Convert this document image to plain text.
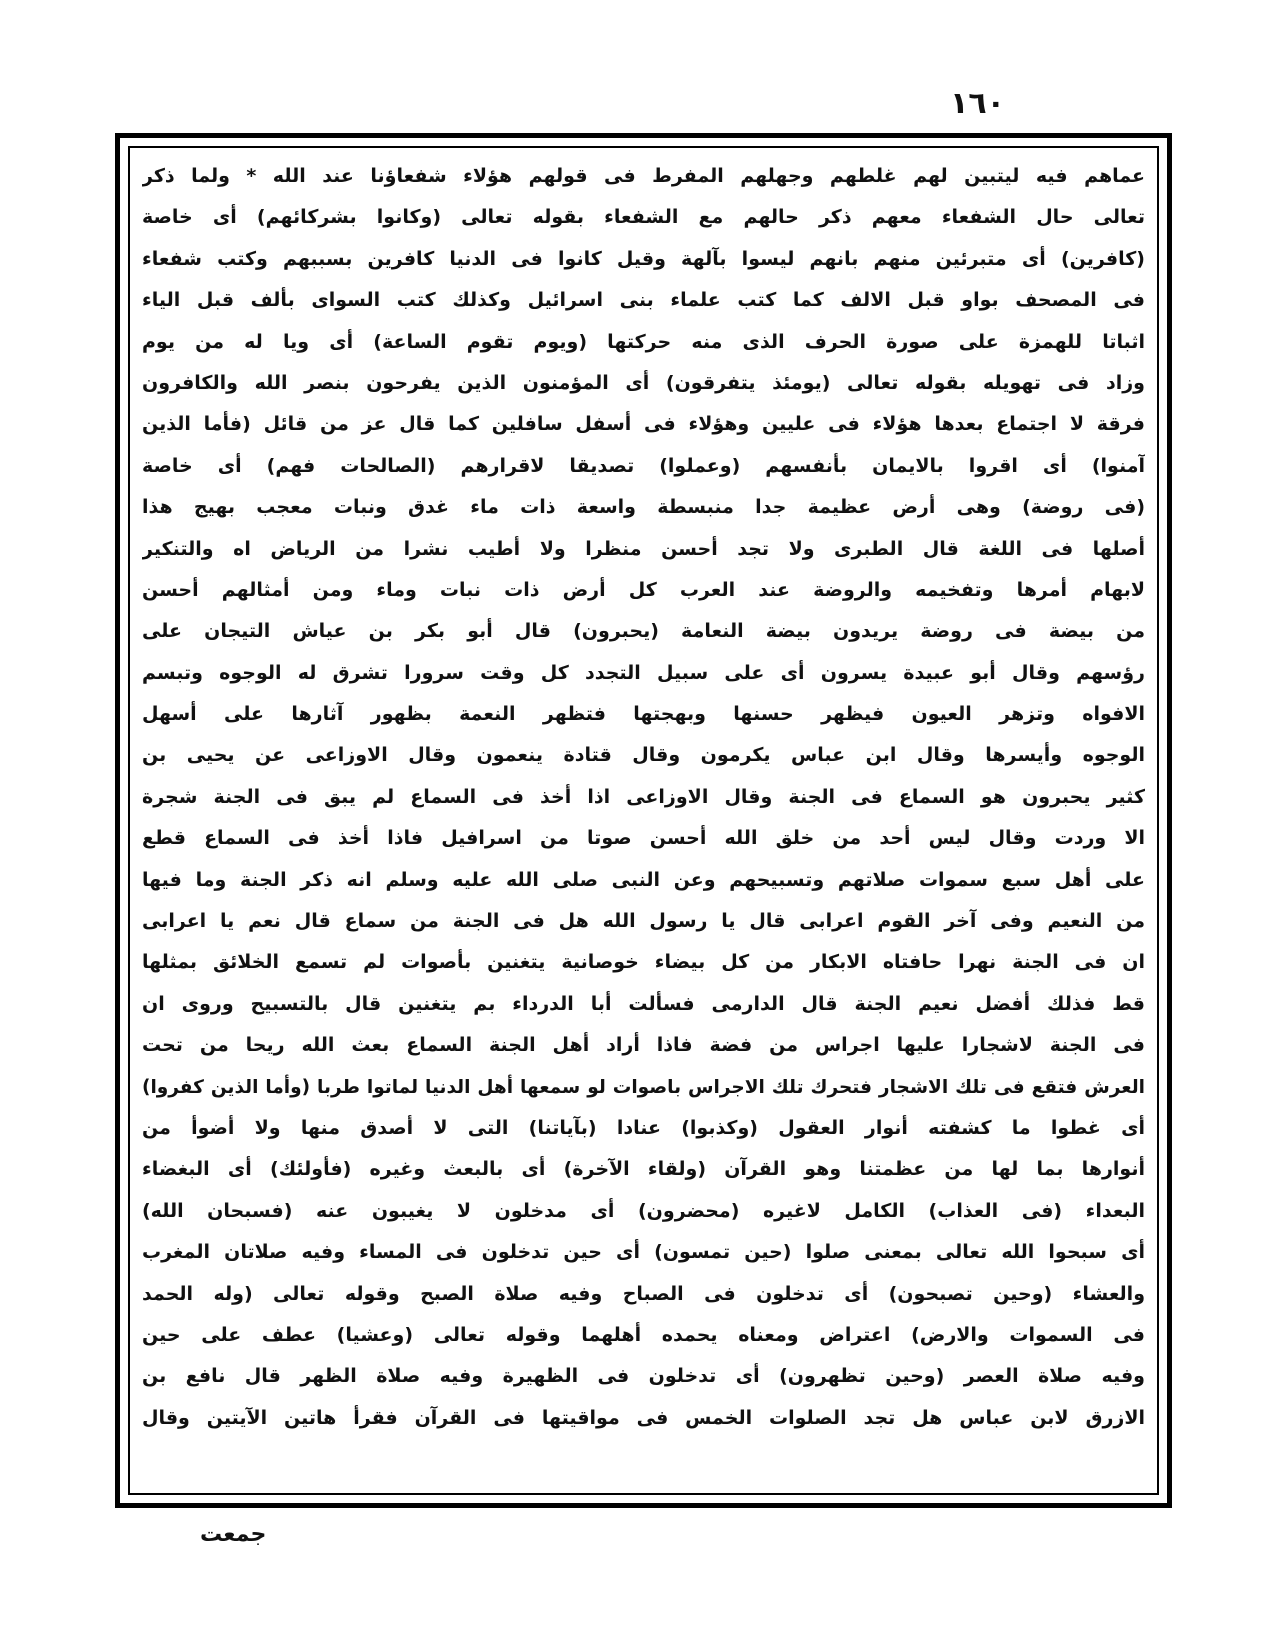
١٦٠
عماهم فيه ليتبين لهم غلطهم وجهلهم المفرط فى قولهم هؤلاء شفعاؤنا عند الله * ولما ذكر
تعالى حال الشفعاء معهم ذكر حالهم مع الشفعاء بقوله تعالى (وكانوا بشركائهم) أى خاصة
(كافرين) أى متبرئين منهم بانهم ليسوا بآلهة وقيل كانوا فى الدنيا كافرين بسببهم وكتب شفعاء
فى المصحف بواو قبل الالف كما كتب علماء بنى اسرائيل وكذلك كتب السواى بألف قبل الياء
اثباتا للهمزة على صورة الحرف الذى منه حركتها (ويوم تقوم الساعة) أى ويا له من يوم
وزاد فى تهويله بقوله تعالى (يومئذ يتفرقون) أى المؤمنون الذين يفرحون بنصر الله والكافرون
فرقة لا اجتماع بعدها هؤلاء فى عليين وهؤلاء فى أسفل سافلين كما قال عز من قائل (فأما الذين
آمنوا) أى اقروا بالايمان بأنفسهم (وعملوا) تصديقا لاقرارهم (الصالحات فهم) أى خاصة
(فى روضة) وهى أرض عظيمة جدا منبسطة واسعة ذات ماء غدق ونبات معجب بهيج هذا
أصلها فى اللغة قال الطبرى ولا تجد أحسن منظرا ولا أطيب نشرا من الرياض اه والتنكير
لابهام أمرها وتفخيمه والروضة عند العرب كل أرض ذات نبات وماء ومن أمثالهم أحسن
من بيضة فى روضة يريدون بيضة النعامة (يحبرون) قال أبو بكر بن عياش التيجان على
رؤسهم وقال أبو عبيدة يسرون أى على سبيل التجدد كل وقت سرورا تشرق له الوجوه وتبسم
الافواه وتزهر العيون فيظهر حسنها وبهجتها فتظهر النعمة بظهور آثارها على أسهل
الوجوه وأيسرها وقال ابن عباس يكرمون وقال قتادة ينعمون وقال الاوزاعى عن يحيى بن
كثير يحبرون هو السماع فى الجنة وقال الاوزاعى اذا أخذ فى السماع لم يبق فى الجنة شجرة
الا وردت وقال ليس أحد من خلق الله أحسن صوتا من اسرافيل فاذا أخذ فى السماع قطع
على أهل سبع سموات صلاتهم وتسبيحهم وعن النبى صلى الله عليه وسلم انه ذكر الجنة وما فيها
من النعيم وفى آخر القوم اعرابى قال يا رسول الله هل فى الجنة من سماع قال نعم يا اعرابى
ان فى الجنة نهرا حافتاه الابكار من كل بيضاء خوصانية يتغنين بأصوات لم تسمع الخلائق بمثلها
قط فذلك أفضل نعيم الجنة قال الدارمى فسألت أبا الدرداء بم يتغنين قال بالتسبيح وروى ان
فى الجنة لاشجارا عليها اجراس من فضة فاذا أراد أهل الجنة السماع بعث الله ريحا من تحت
العرش فتقع فى تلك الاشجار فتحرك تلك الاجراس باصوات لو سمعها أهل الدنيا لماتوا طربا (وأما الذين كفروا)
أى غطوا ما كشفته أنوار العقول (وكذبوا) عنادا (بآياتنا) التى لا أصدق منها ولا أضوأ من
أنوارها بما لها من عظمتنا وهو القرآن (ولقاء الآخرة) أى بالبعث وغيره (فأولئك) أى البغضاء
البعداء (فى العذاب) الكامل لاغيره (محضرون) أى مدخلون لا يغيبون عنه (فسبحان الله)
أى سبحوا الله تعالى بمعنى صلوا (حين تمسون) أى حين تدخلون فى المساء وفيه صلاتان المغرب
والعشاء (وحين تصبحون) أى تدخلون فى الصباح وفيه صلاة الصبح وقوله تعالى (وله الحمد
فى السموات والارض) اعتراض ومعناه يحمده أهلهما وقوله تعالى (وعشيا) عطف على حين
وفيه صلاة العصر (وحين تظهرون) أى تدخلون فى الظهيرة وفيه صلاة الظهر قال نافع بن
الازرق لابن عباس هل تجد الصلوات الخمس فى مواقيتها فى القرآن فقرأ هاتين الآيتين وقال
جمعت
